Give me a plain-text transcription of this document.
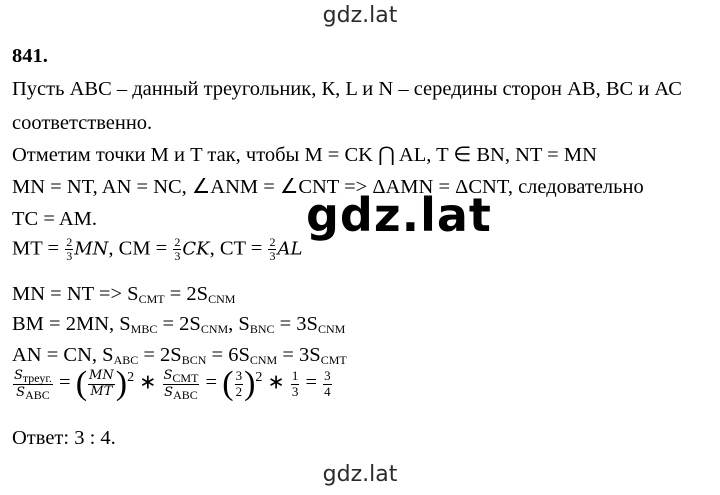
gdz.lat
gdz.lat
841.
Пусть АВС – данный треугольник, К, L и N – середины сторон АВ, ВС и АС
соответственно.
Отметим точки M и T так, чтобы M = CK ⋂ AL, T ∈ BN, NT = MN
MN = NT, AN = NC, ∠ANM = ∠CNT => ΔAMN = ΔCNT, следовательно
TC = AM.
MT = $\frac{2}{3}$ MN, CM = $\frac{2}{3}$ CK, CT = $\frac{2}{3}$ AL
MN = NT => $S_{CMT} = 2S_{CNM}$
BM = 2MN, $S_{MBC} = 2S_{CNM}$, $S_{BNC} = 3S_{CNM}$
AN = CN, $S_{ABC} = 2S_{BCN} = 6S_{CNM} = 3S_{CMT}$
$\frac{S_{треуг.}}{S_{ABC}}$ = ( $\frac{MN}{MT} )^2$ ∗ $\frac{S_{CMT}}{S_{ABC}}$ = ( $\frac{3}{2} )^2$ ∗ $\frac{1}{3} = \frac{3}{4}$
Ответ: 3 : 4.
gdz.lat
